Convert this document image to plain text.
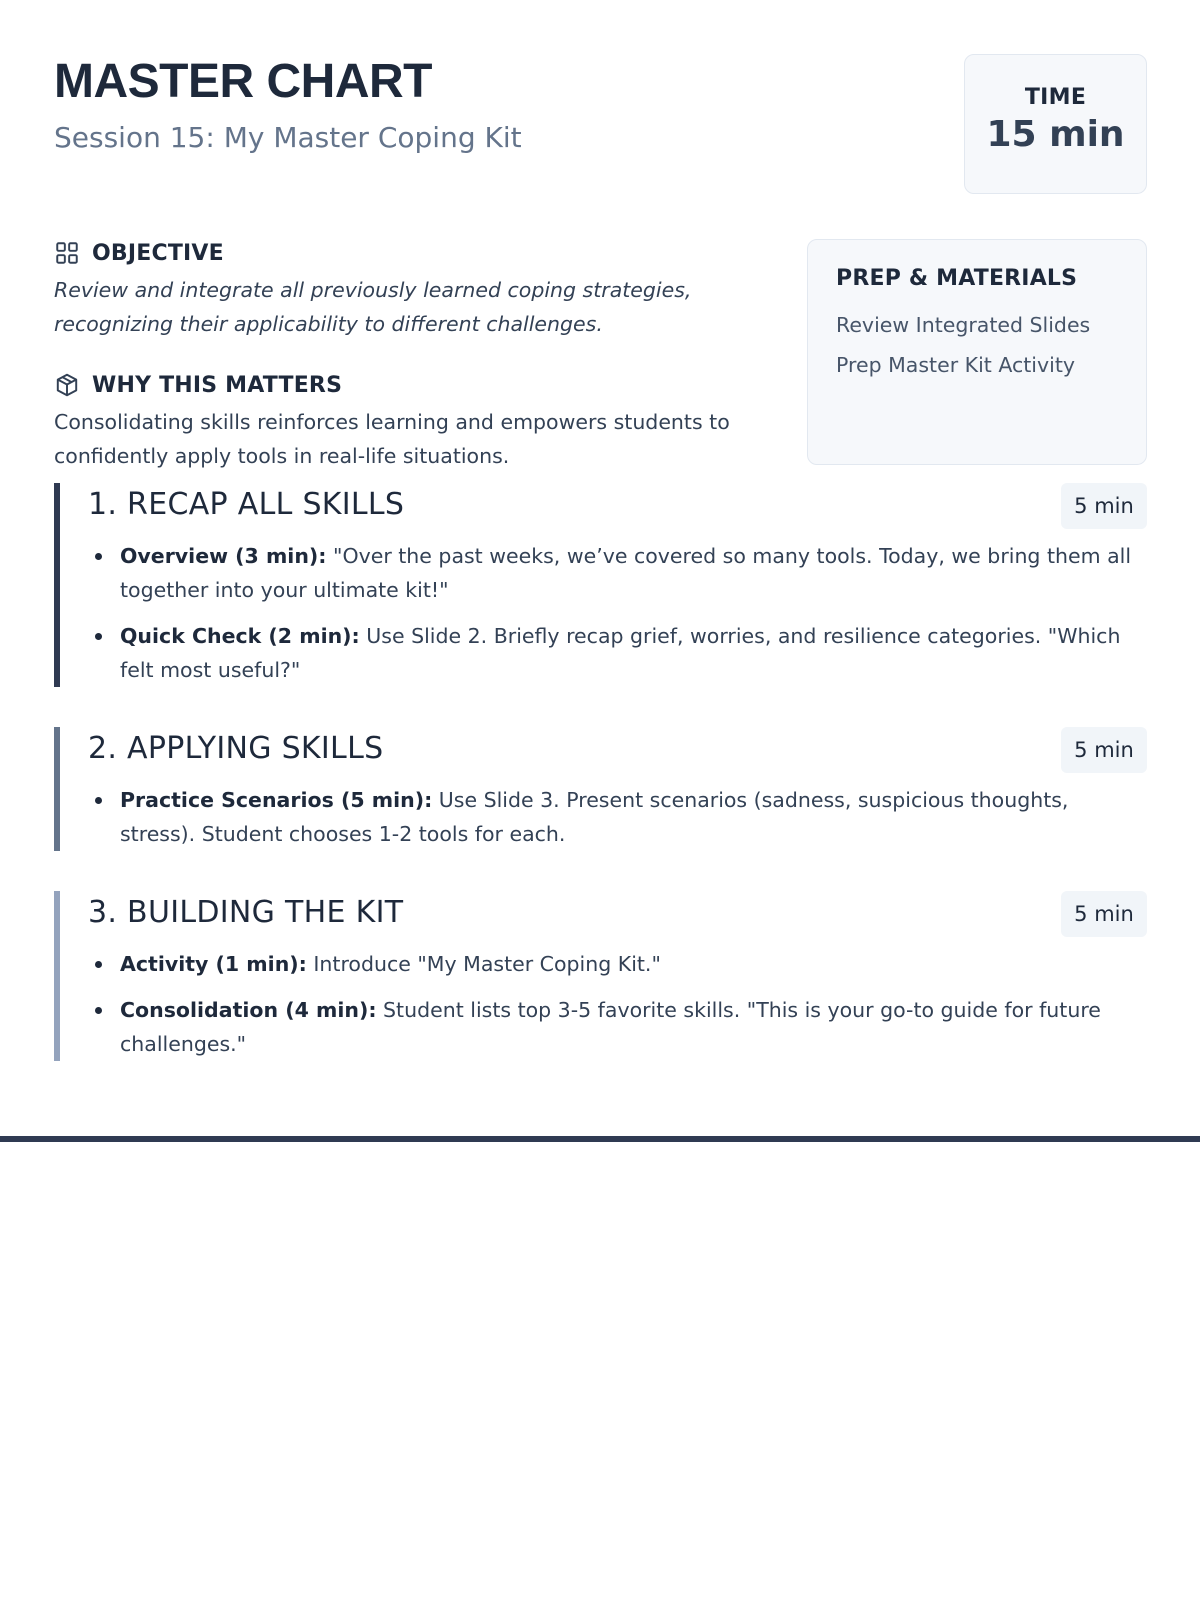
MASTER CHART
Session 15: My Master Coping Kit
TIME
15 min
OBJECTIVE

Review and integrate all previously learned coping strategies, recognizing their applicability to different challenges.

WHY THIS MATTERS

Consolidating skills reinforces learning and empowers students to confidently apply tools in real-life situations.

PREP & MATERIALS
Review Integrated Slides
Prep Master Kit Activity
1. RECAP ALL SKILLS	5 min
Overview (3 min): "Over the past weeks, we’ve covered so many tools. Today, we bring them all together into your ultimate kit!"
Quick Check (2 min): Use Slide 2. Briefly recap grief, worries, and resilience categories. "Which felt most useful?"
2. APPLYING SKILLS	5 min
Practice Scenarios (5 min): Use Slide 3. Present scenarios (sadness, suspicious thoughts, stress). Student chooses 1-2 tools for each.
3. BUILDING THE KIT	5 min
Activity (1 min): Introduce "My Master Coping Kit."
Consolidation (4 min): Student lists top 3-5 favorite skills. "This is your go-to guide for future challenges."
